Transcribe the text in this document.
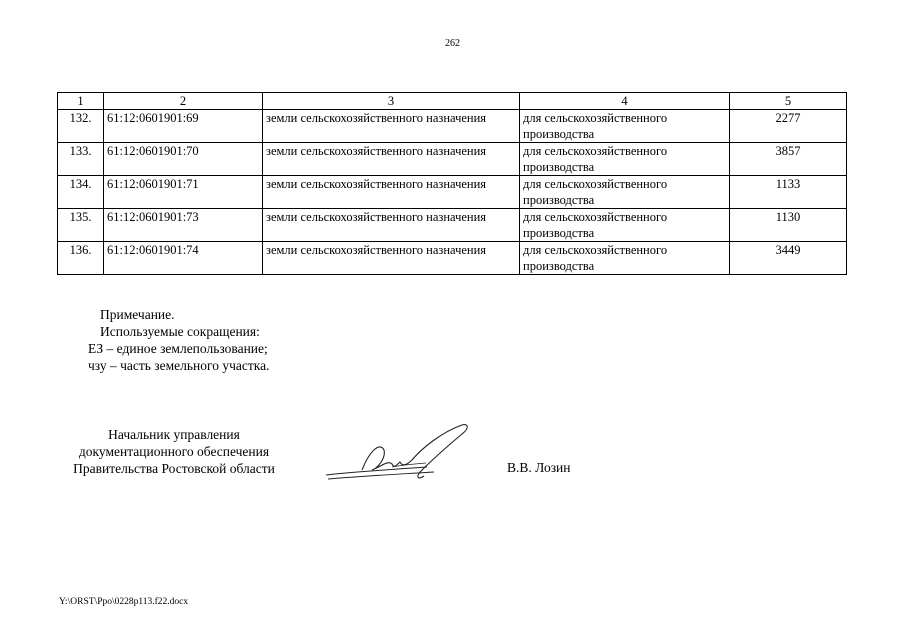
262
1	2	3	4	5
132.	61:12:0601901:69	земли сельскохозяйственного назначения	для сельскохозяйственного производства	2277
133.	61:12:0601901:70	земли сельскохозяйственного назначения	для сельскохозяйственного производства	3857
134.	61:12:0601901:71	земли сельскохозяйственного назначения	для сельскохозяйственного производства	1133
135.	61:12:0601901:73	земли сельскохозяйственного назначения	для сельскохозяйственного производства	1130
136.	61:12:0601901:74	земли сельскохозяйственного назначения	для сельскохозяйственного производства	3449
Примечание.
Используемые сокращения:
ЕЗ – единое землепользование;
чзу – часть земельного участка.
Начальник управления
документационного обеспечения
Правительства Ростовской области	В.В. Лозин
Y:\ORST\Ppo\0228p113.f22.docx
